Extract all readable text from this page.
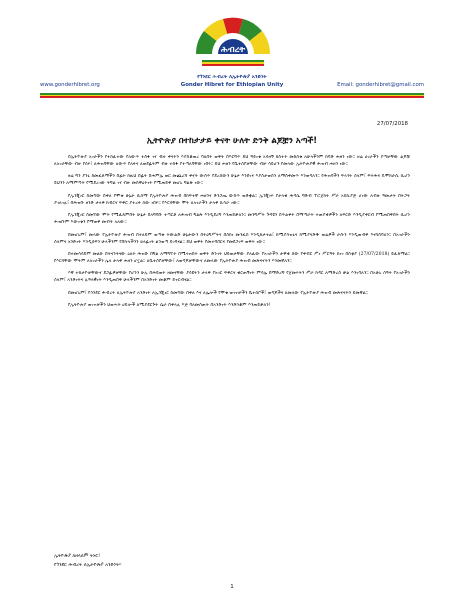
ሕብረት
የጎንደር ሕብረት ለኢትዮጵያ አንድነት
www.gonderhibret.org	Gonder Hibret for Ethiopian Unity	Email: gonderhibret@gmail.com
27/07/2018
ኢትዮጵያ በተከታታይ ቀናት ሁለት ድንቅ ልጆቿን አጣች!

በኢትዮጵያ አገራችን የተከፈተው የለውጥ ተስፋ ገና ብዙ ቀናትን እያስቆጠረ ባለበት ወቅት በእርግጥ ይህ ዓይነቱ አሳዛኝ ክስተት መከሰቱ ለሁላችንም ከባድ ሐዘን ነው። ዛሬ ሀገራችን ያጣቻቸው ልጆቿ ለአገራቸው ብዙ የሰሩ፣ ለሕዝባቸው ለውጥ የለፉና ለወደፊትም ብዙ ተስፋ የተጣለባቸው ነበሩ። ይህ ሐዘን የቤተሰቦቻቸው ብቻ ሳይሆን የመላው ኢትዮጵያዊ ሕዝብ ሐዘን ነው።

ዛሬ ግን ያንኑ ከመፈጸማችን በፊት ከዚህ በፊት በሐምሌ ወር መጨረሻ ቀናት ውስጥ የደረሰውን ሁኔታ እንደገና እያስታወስን ለማስቀመጥ እንወዳለን። የሕዝባችን ፍላጎት ሰላም፣ ፍትሕና ዴሞክራሲ ሲሆን ይህንን ለማምጣት የሚደረገው ትግል ገና ብዙ መስዋዕትነት የሚጠይቅ መሆኑ ግልጽ ነው።

የኢንጂነር ስመኘው በቀለ የሞቱ ሁኔታ ሲሰማ የኢትዮጵያ ሕዝብ በከፍተኛ ሐዘንና ድንጋጤ ውስጥ ወድቋል። ኢንጂነሩ የታላቁ ሕዳሴ ግድብ ፕሮጀክት ሥራ አስኪያጅ ሆነው ለብዙ ዓመታት በትጋት ያገለገሉ፣ በሕዝቡ ዘንድ ታላቅ ክብርና ፍቅር ያተረፉ ሰው ነበሩ። የእርሳቸው ሞት ለአገራችን ታላቅ ኪሳራ ነው።

የኢንጂነር ስመኘው ሞት የሚፈጸምበት ሁኔታ በአግባቡ ተጣርቶ ለሕዝብ ግልጽ እንዲደረግ እንጠይቃለን። መንግሥት ጉዳዩን በጥልቀት በማጣራት ተጠያቂዎችን ለፍርድ እንዲያቀርብ የሚጠበቅበት ሲሆን ሕዝቡም እውነቱን የማወቅ መብት አለው።

በመሆኑም፣ መላው የኢትዮጵያ ሕዝብ በተለይም ወጣቱ ትውልድ ሁኔታውን በትዕግሥትና በሰከነ መንፈስ እንዲከታተል፣ ከሚያሳዝኑና ከሚያናድዱ ወሬዎች ራሱን እንዲጠብቅ እናሳስባለን። በአገራችን ሰላምና አንድነት እንዲሰፍን ሁላችንም የበኩላችንን ኃላፊነት ልንወጣ ይገባናል። ይህ ወቅት የመተባበርና የመደጋገፍ ወቅት ነው።

በተመሳሳይም መልኩ በትናንትናው ዕለት ሕዝቡ በግል ለማግኘት በሚጓዝበት ወቅት ድንገት ህይወታቸው ያለፈው የአገራችን ታዋቂ ሰው የቀብር ሥነ ሥርዓት ከነገ በስቲያ (27/07/2018) ይፈጸማል። የእርሳቸው ሞትም ለአገራችን ሌላ ታላቅ ሐዘን ሆኗል። ለቤተሰቦቻቸው፣ ለወዳጆቻቸውና ለመላው የኢትዮጵያ ሕዝብ መጽናናትን እንመኛለን።

እኛ ተከታዮቻቸውና ደጋፊዎቻቸው የሆንን ሁሉ በሕይወት ዘመናቸው ያሳዩትን ታላቅ የአገር ፍቅርና ቁርጠኝነት ምሳሌ በማድረግ የጀመሩትን ሥራ ከዳር ለማድረስ ቃል እንገባለን። በአሁኑ ሰዓት የአገራችን ሰላም፣ አንድነትና ሉዓላዊነት እንዲጠበቅ ሁላችንም በአንድነት መቆም ይኖርብናል።

በመሆኑም፣ የጎንደር ሕብረት ለኢትዮጵያ አንድነት ለኢንጂነር ስመኘው በቀለ እና ለሌሎች የሞቱ ወገኖቻችን ቤተሰቦች፣ ወዳጆችና ለመላው የኢትዮጵያ ሕዝብ መጽናናትን ይመኛል።

የኢትዮጵያ ወገኖቻችን ህወሓት ሀይሎች ለሚያደርጉት ሴራ በቀላሉ እጅ ባለመስጠት በአንድነት እንድንቆም እንጠይቃለን!

ኢትዮጵያ ለዘላለም ትኑር!
የጎንደር ሕብረት ለኢትዮጵያ አንድነት።
1
